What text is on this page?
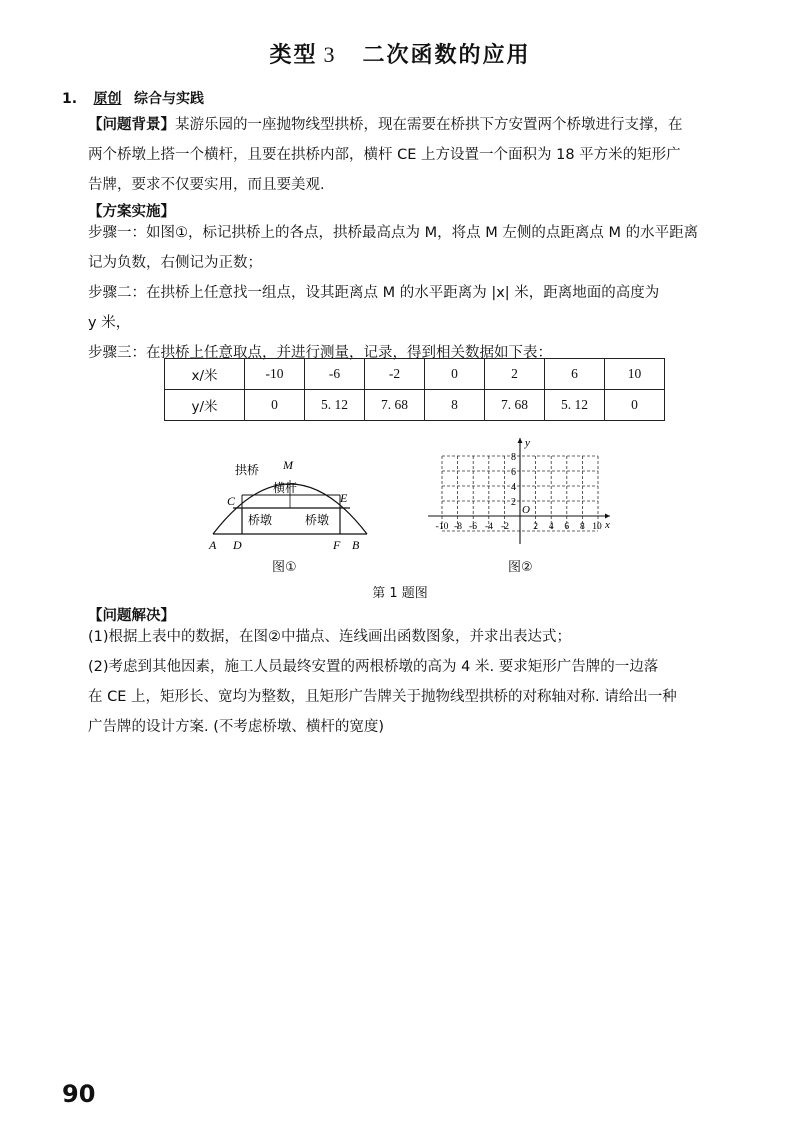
类型 3 二次函数的应用
1. 原创 综合与实践
【问题背景】某游乐园的一座抛物线型拱桥，现在需要在桥拱下方安置两个桥墩进行支撑，在
两个桥墩上搭一个横杆，且要在拱桥内部，横杆 CE 上方设置一个面积为 18 平方米的矩形广
告牌，要求不仅要实用，而且要美观.
【方案实施】
步骤一：如图①，标记拱桥上的各点，拱桥最高点为 M，将点 M 左侧的点距离点 M 的水平距离
记为负数，右侧记为正数；
步骤二：在拱桥上任意找一组点，设其距离点 M 的水平距离为 |x| 米，距离地面的高度为
y 米，
步骤三：在拱桥上任意取点，并进行测量，记录，得到相关数据如下表：
x/米	-10	-6	-2	0	2	6	10
y/米	0	5. 12	7. 68	8	7. 68	5. 12	0
拱桥 M
横杆
C	E
桥墩	桥墩
A D	F B
图①
y
x
O
2
4
6
8
-10 -8 -6 -4 -2	2 4 6 8 10
图②
第 1 题图
【问题解决】
(1)根据上表中的数据，在图②中描点、连线画出函数图象，并求出表达式；
(2)考虑到其他因素，施工人员最终安置的两根桥墩的高为 4 米. 要求矩形广告牌的一边落
在 CE 上，矩形长、宽均为整数，且矩形广告牌关于抛物线型拱桥的对称轴对称. 请给出一种
广告牌的设计方案. (不考虑桥墩、横杆的宽度)
90
